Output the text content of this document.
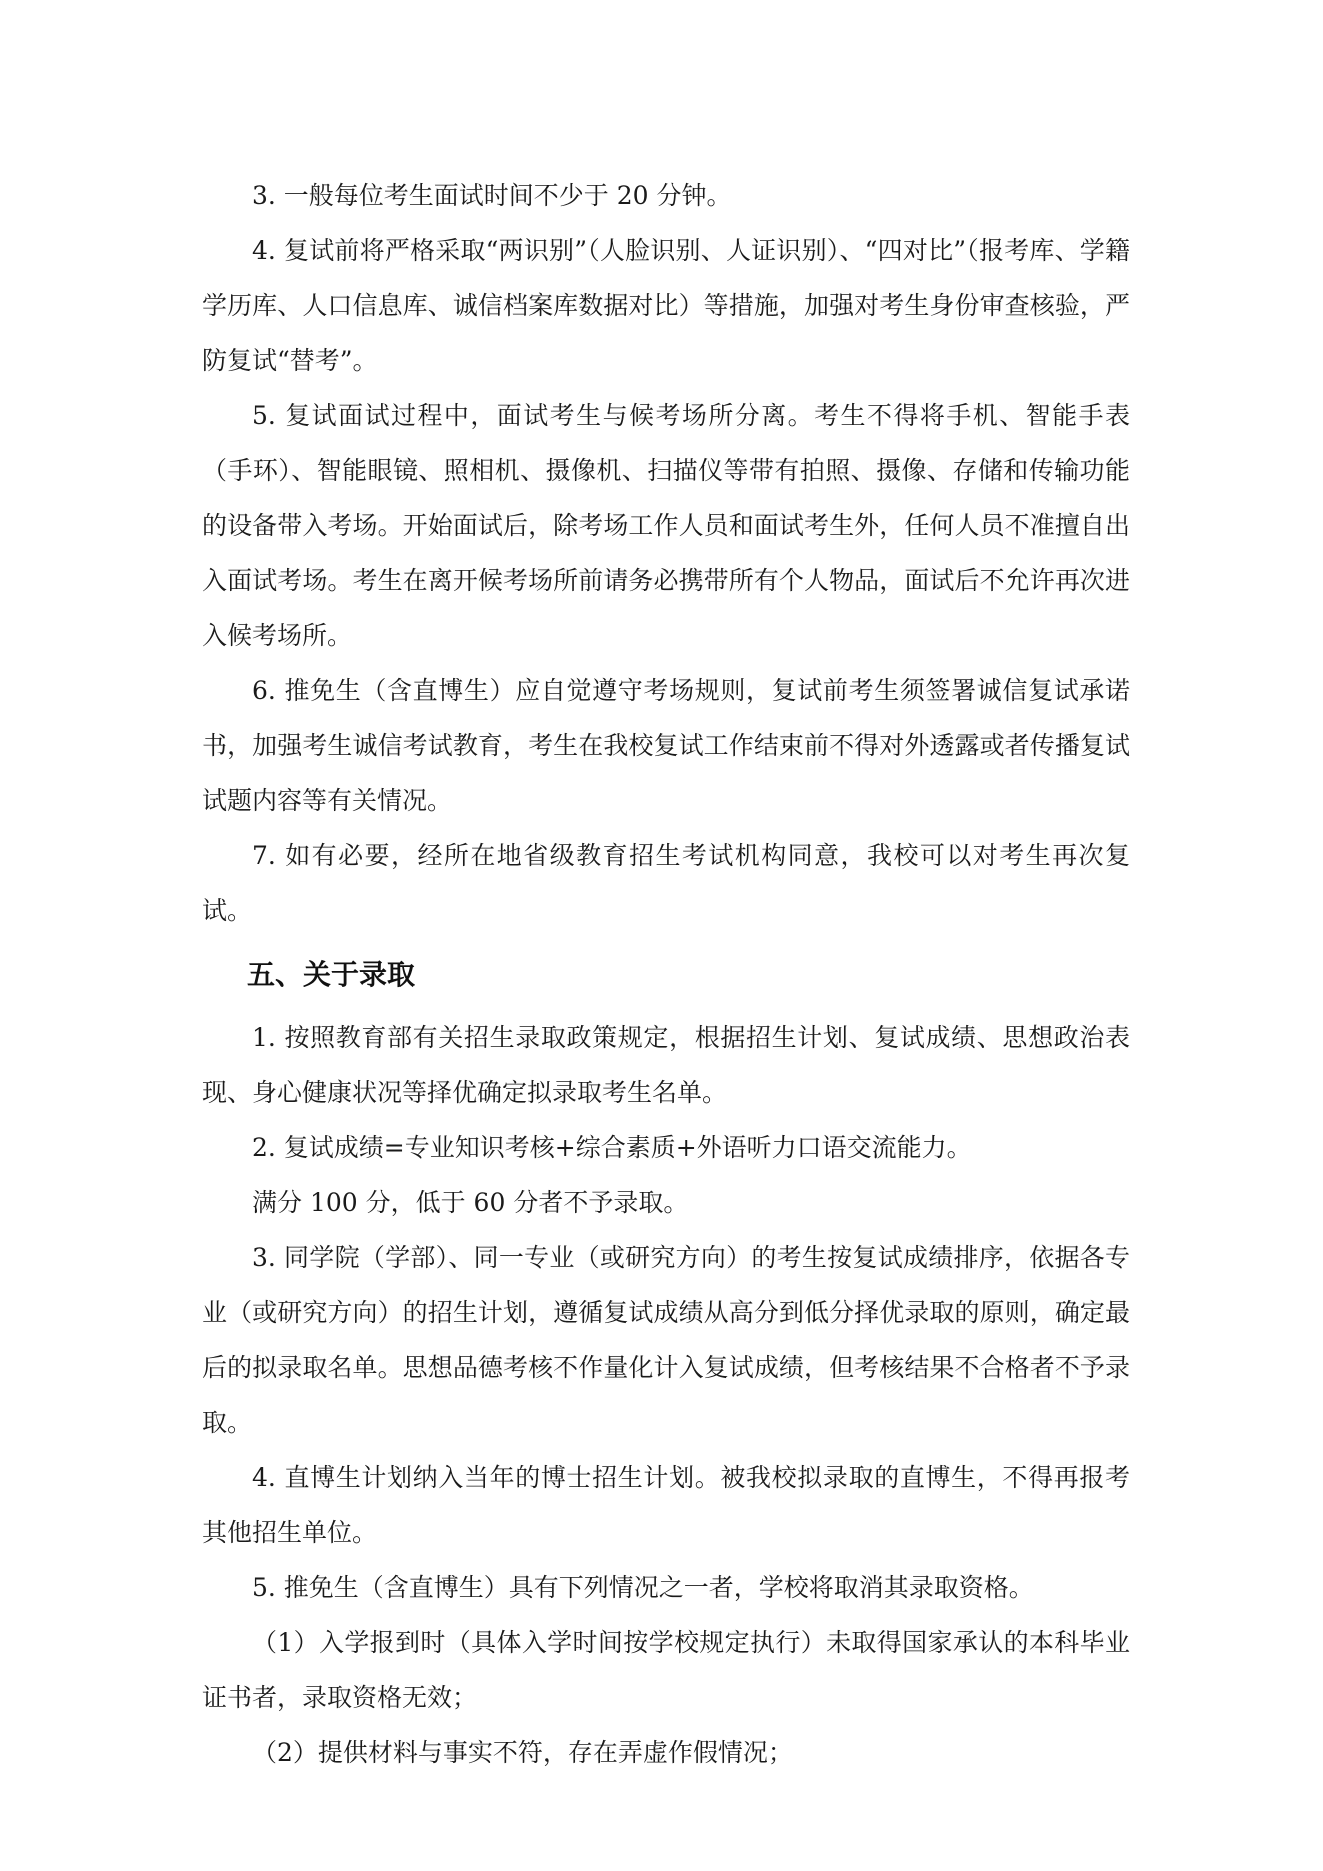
3. 一般每位考生面试时间不少于 20 分钟。

4. 复试前将严格采取“两识别”（人脸识别、人证识别）、“四对比”（报考库、学籍学历库、人口信息库、诚信档案库数据对比）等措施，加强对考生身份审查核验，严防复试“替考”。

5. 复试面试过程中，面试考生与候考场所分离。考生不得将手机、智能手表（手环）、智能眼镜、照相机、摄像机、扫描仪等带有拍照、摄像、存储和传输功能的设备带入考场。开始面试后，除考场工作人员和面试考生外，任何人员不准擅自出入面试考场。考生在离开候考场所前请务必携带所有个人物品，面试后不允许再次进入候考场所。

6. 推免生（含直博生）应自觉遵守考场规则，复试前考生须签署诚信复试承诺书，加强考生诚信考试教育，考生在我校复试工作结束前不得对外透露或者传播复试试题内容等有关情况。

7. 如有必要，经所在地省级教育招生考试机构同意，我校可以对考生再次复试。

五、关于录取

1. 按照教育部有关招生录取政策规定，根据招生计划、复试成绩、思想政治表现、身心健康状况等择优确定拟录取考生名单。

2. 复试成绩=专业知识考核+综合素质+外语听力口语交流能力。

满分 100 分，低于 60 分者不予录取。

3. 同学院（学部）、同一专业（或研究方向）的考生按复试成绩排序，依据各专业（或研究方向）的招生计划，遵循复试成绩从高分到低分择优录取的原则，确定最后的拟录取名单。思想品德考核不作量化计入复试成绩，但考核结果不合格者不予录取。

4. 直博生计划纳入当年的博士招生计划。被我校拟录取的直博生，不得再报考其他招生单位。

5. 推免生（含直博生）具有下列情况之一者，学校将取消其录取资格。

（1）入学报到时（具体入学时间按学校规定执行）未取得国家承认的本科毕业证书者，录取资格无效；

（2）提供材料与事实不符，存在弄虚作假情况；
